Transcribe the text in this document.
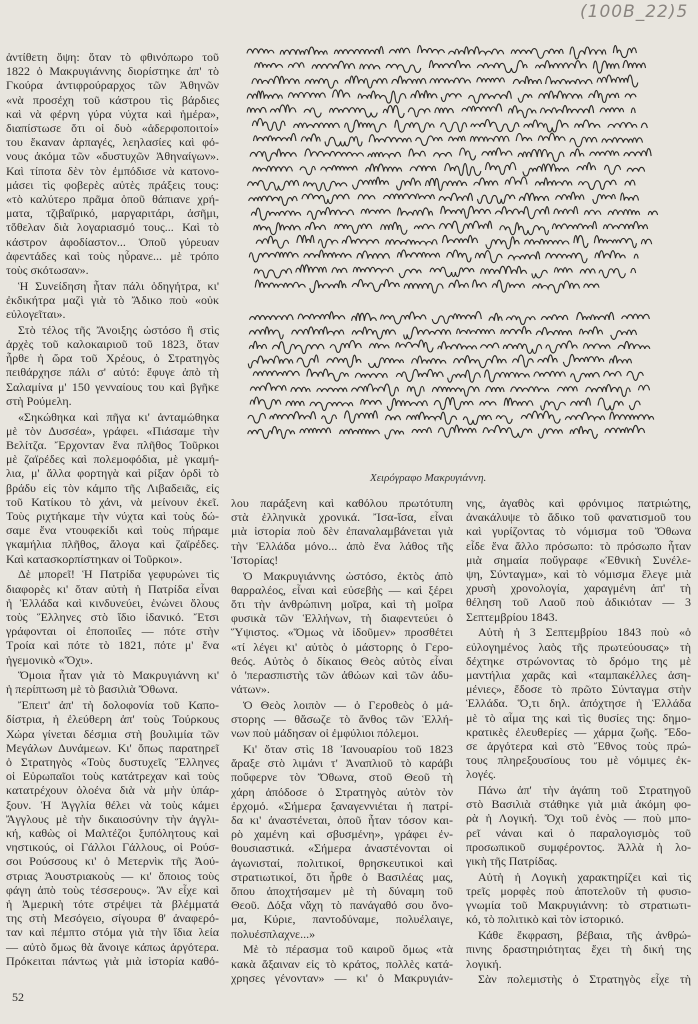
(100B_22)5
Χειρόγραφο Μακρυγιάννη.
ἀντίθετη ὄψη: ὅταν τὸ φθινόπωρο τοῦ
1822 ὁ Μακρυγιάννης διορίστηκε ἀπ' τὸ
Γκούρα ἀντιφρούραρχος τῶν Ἀθηνῶν
«νὰ προσέχη τοῦ κάστρου τὶς βάρδιες
καὶ νὰ φέρνη γύρα νύχτα καὶ ἡμέρα»,
διαπίστωσε ὅτι οἱ δυὸ «ἀδερφοποιτοί»
του ἔκαναν ἁρπαγές, λεηλασίες καὶ φό-
νους ἀκόμα τῶν «δυστυχῶν Ἀθηναίγων».
Καὶ τίποτα δὲν τὸν ἐμπόδισε νὰ κατονο-
μάσει τὶς φοβερὲς αὐτὲς πράξεις τους:
«τὸ καλύτερο πρᾶμα ὁποῦ θάπιανε χρή-
ματα, τζιβαϊρικό, μαργαριτάρι, ἀσῆμι,
τὄθελαν διὰ λογαριασμό τους... Καὶ τὸ
κάστρον ἀφοδίαστον... Ὁποῦ γύρευαν
ἀφεντάδες καὶ τοὺς ηὗρανε... μὲ τρόπο
τοὺς σκότωσαν».
Ἡ Συνείδηση ἦταν πάλι ὁδηγήτρα, κι'
ἐκδικήτρα μαζὶ γιὰ τὸ Ἄδικο ποὺ «οὐκ
εὐλογεῖται».
Στὸ τέλος τῆς Ἄνοιξης ὡστόσο ἢ στὶς
ἀρχὲς τοῦ καλοκαιριοῦ τοῦ 1823, ὅταν
ἦρθε ἡ ὥρα τοῦ Χρέους, ὁ Στρατηγὸς
πειθάρχησε πάλι σ' αὐτό: ἔφυγε ἀπὸ τὴ
Σαλαμίνα μ' 150 γενναίους του καὶ βγῆκε
στὴ Ρούμελη.
«Σηκώθηκα καὶ πῆγα κι' ἀνταμώθηκα
μὲ τὸν Δυσσέα», γράφει. «Πιάσαμε τὴν
Βελίτζα. Ἔρχονταν ἕνα πλῆθος Τοῦρκοι
μὲ ζαϊρέδες καὶ πολεμοφόδια, μὲ γκαμή-
λια, μ' ἄλλα φορτηγὰ καὶ ρίξαν ὀρδὶ τὸ
βράδυ εἰς τὸν κάμπο τῆς Λιβαδειᾶς, εἰς
τοῦ Κατίκου τὸ χάνι, νὰ μείνουν ἐκεῖ.
Τοὺς ριχτήκαμε τὴν νύχτα καὶ τοὺς δώ-
σαμε ἕνα ντουφεκίδι καὶ τοὺς πήραμε
γκαμήλια πλῆθος, ἄλογα καὶ ζαϊρέδες.
Καὶ κατασκορπίστηκαν οἱ Τοῦρκοι».
Δὲ μπορεῖ! Ἡ Πατρίδα γεφυρώνει τὶς
διαφορὲς κι' ὅταν αὐτὴ ἡ Πατρίδα εἶναι
ἡ Ἑλλάδα καὶ κινδυνεύει, ἑνώνει ὅλους
τοὺς Ἕλληνες στὸ ἴδιο ἰδανικό. Ἔτσι
γράφονται οἱ ἐποποιΐες — πότε στὴν
Τροία καὶ πότε τὸ 1821, πότε μ' ἕνα
ἡγεμονικὸ «Ὄχι».
Ὅμοια ἦταν γιὰ τὸ Μακρυγιάννη κι'
ἡ περίπτωση μὲ τὸ βασιλιὰ Ὄθωνα.
Ἔπειτ' ἀπ' τὴ δολοφονία τοῦ Καπο-
δίστρια, ἡ ἐλεύθερη ἀπ' τοὺς Τούρκους
Χώρα γίνεται δέσμια στὴ βουλιμία τῶν
Μεγάλων Δυνάμεων. Κι' ὅπως παρατηρεῖ
ὁ Στρατηγὸς «Τοὺς δυστυχεῖς Ἕλληνες
οἱ Εὐρωπαῖοι τοὺς κατάτρεχαν καὶ τοὺς
κατατρέχουν ὁλοένα διὰ νὰ μὴν ὑπάρ-
ξουν. Ἡ Ἀγγλία θέλει νὰ τοὺς κάμει
Ἄγγλους μὲ τὴν δικαιοσύνην τὴν ἀγγλι-
κή, καθὼς οἱ Μαλτέζοι ξυπόλητους καὶ
νηστικούς, οἱ Γάλλοι Γάλλους, οἱ Ρούσ-
σοι Ρούσσους κι' ὁ Μετερνὶκ τῆς Ἀού-
στριας Ἀουστριακοὺς — κι' ὅποιος τοὺς
φάγη ἀπὸ τοὺς τέσσερους». Ἂν εἶχε καὶ
ἡ Ἀμερικὴ τότε στρέψει τὰ βλέμματά
της στὴ Μεσόγειο, σίγουρα θ' ἀναφερό-
ταν καὶ πέμπτο στόμα γιὰ τὴν ἴδια λεία
— αὐτὸ ὅμως θὰ ἄνοιγε κάπως ἀργότερα.
Πρόκειται πάντως γιὰ μιὰ ἱστορία καθό-
λου παράξενη καὶ καθόλου πρωτότυπη
στὰ ἑλληνικὰ χρονικά. Ἴσα-ἴσα, εἶναι
μιὰ ἱστορία ποὺ δὲν ἐπαναλαμβάνεται γιὰ
τὴν Ἑλλάδα μόνο... ἀπὸ ἕνα λάθος τῆς
Ἱστορίας!
Ὁ Μακρυγιάννης ὡστόσο, ἐκτὸς ἀπὸ
θαρραλέος, εἶναι καὶ εὐσεβὴς — καὶ ξέρει
ὅτι τὴν ἀνθρώπινη μοῖρα, καὶ τὴ μοῖρα
φυσικὰ τῶν Ἑλλήνων, τὴ διαφεντεύει ὁ
Ὕψιστος. «Ὅμως νὰ ἰδοῦμεν» προσθέτει
«τί λέγει κι' αὐτὸς ὁ μάστορης ὁ Γερο-
θεός. Αὐτὸς ὁ δίκαιος Θεὸς αὐτὸς εἶναι
ὁ 'περασπιστὴς τῶν ἀθώων καὶ τῶν ἀδυ-
νάτων».
Ὁ Θεὸς λοιπὸν — ὁ Γεροθεὸς ὁ μά-
στορης — θἄσωζε τὸ ἄνθος τῶν Ἑλλή-
νων ποὺ μάδησαν οἱ ἐμφύλιοι πόλεμοι.
Κι' ὅταν στὶς 18 Ἰανουαρίου τοῦ 1823
ἄραξε στὸ λιμάνι τ' Ἀναπλιοῦ τὸ καράβι
ποὔφερνε τὸν Ὄθωνα, στοῦ Θεοῦ τὴ
χάρη ἀπόδοσε ὁ Στρατηγὸς αὐτὸν τὸν
ἐρχομό. «Σήμερα ξαναγεννιέται ἡ πατρί-
δα κι' ἀναστένεται, ὁποῦ ἦταν τόσον και-
ρὸ χαμένη καὶ σβυσμένη», γράφει ἐν-
θουσιαστικά. «Σήμερα ἀναστένονται οἱ
ἀγωνισταί, πολιτικοί, θρησκευτικοὶ καὶ
στρατιωτικοί, ὅτι ἦρθε ὁ Βασιλέας μας,
ὅπου ἀποχτήσαμεν μὲ τὴ δύναμη τοῦ
Θεοῦ. Δόξα νἄχη τὸ πανάγαθό σου ὄνο-
μα, Κύριε, παντοδύναμε, πολυέλαιγε,
πολυέσπλαχνε...»
Μὲ τὸ πέρασμα τοῦ καιροῦ ὅμως «τὰ
κακὰ ἄξαιναν εἰς τὸ κράτος, πολλὲς κατά-
χρησες γένονταν» — κι' ὁ Μακρυγιάν-
νης, ἀγαθὸς καὶ φρόνιμος πατριώτης,
ἀνακάλυψε τὸ ἄδικο τοῦ φανατισμοῦ του
καὶ γυρίζοντας τὸ νόμισμα τοῦ Ὄθωνα
εἶδε ἕνα ἄλλο πρόσωπο: τὸ πρόσωπο ἦταν
μιὰ σημαία ποὔγραφε «Ἐθνικὴ Συνέλε-
ψη, Σύνταγμα», καὶ τὸ νόμισμα ἔλεγε μιὰ
χρυσὴ χρονολογία, χαραγμένη ἀπ' τὴ
θέληση τοῦ Λαοῦ ποὺ ἀδικιόταν — 3
Σεπτεμβρίου 1843.
Αὐτὴ ἡ 3 Σεπτεμβρίου 1843 ποὺ «ὁ
εὐλογημένος λαὸς τῆς πρωτεύουσας» τὴ
δέχτηκε στρώνοντας τὸ δρόμο της μὲ
μαντήλια χαρᾶς καὶ «ταμπακέλλες ἀση-
μένιες», ἔδοσε τὸ πρῶτο Σύνταγμα στὴν
Ἑλλάδα. Ὅ,τι δηλ. ἀπόχτησε ἡ Ἑλλάδα
μὲ τὸ αἷμα της καὶ τὶς θυσίες της: δημο-
κρατικὲς ἐλευθερίες — χάρμα ζωῆς. Ἔδο-
σε ἀργότερα καὶ στὸ Ἔθνος τοὺς πρώ-
τους πληρεξουσίους του μὲ νόμιμες ἐκ-
λογές.
Πάνω ἀπ' τὴν ἀγάπη τοῦ Στρατηγοῦ
στὸ Βασιλιὰ στάθηκε γιὰ μιὰ ἀκόμη φο-
ρὰ ἡ Λογική. Ὄχι τοῦ ἑνὸς — ποὺ μπο-
ρεῖ νάναι καὶ ὁ παραλογισμὸς τοῦ
προσωπικοῦ συμφέροντος. Ἀλλὰ ἡ λο-
γικὴ τῆς Πατρίδας.
Αὐτὴ ἡ Λογικὴ χαρακτηρίζει καὶ τὶς
τρεῖς μορφὲς ποὺ ἀποτελοῦν τὴ φυσιο-
γνωμία τοῦ Μακρυγιάννη: τὸ στρατιωτι-
κό, τὸ πολιτικὸ καὶ τὸν ἱστορικό.
Κάθε ἔκφραση, βέβαια, τῆς ἀνθρώ-
πινης δραστηριότητας ἔχει τὴ δική της
λογική.
Σὰν πολεμιστὴς ὁ Στρατηγὸς εἶχε τὴ
52
